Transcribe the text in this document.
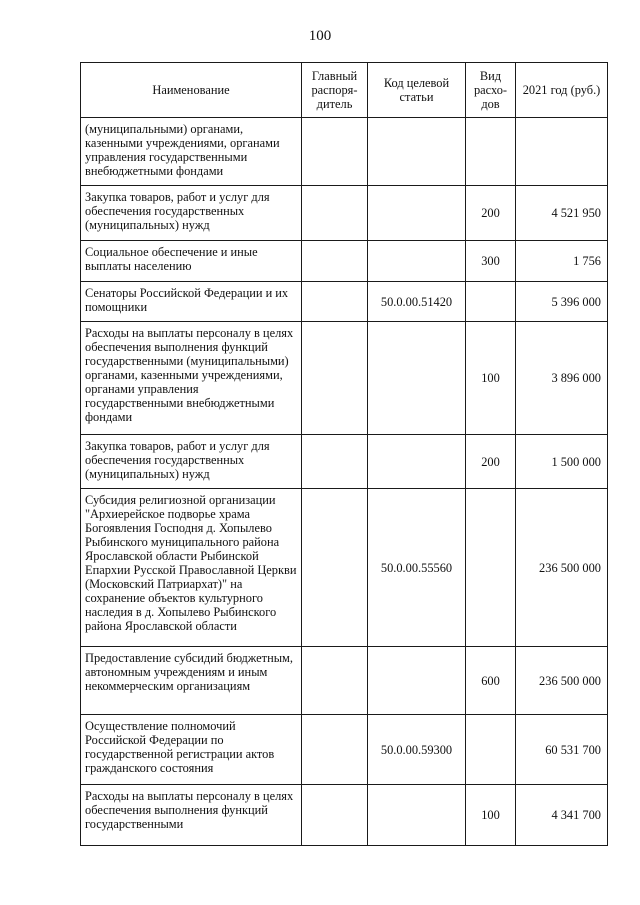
100
Наименование	Главный распоря-дитель	Код целевой статьи	Вид расхо-дов	2021 год (руб.)
(муниципальными) органами, казенными учреждениями, органами управления государственными внебюджетными фондами				
Закупка товаров, работ и услуг для обеспечения государственных (муниципальных) нужд			200	4 521 950
Социальное обеспечение и иные выплаты населению			300	1 756
Сенаторы Российской Федерации и их помощники		50.0.00.51420		5 396 000
Расходы на выплаты персоналу в целях обеспечения выполнения функций государственными (муниципальными) органами, казенными учреждениями, органами управления государственными внебюджетными фондами			100	3 896 000
Закупка товаров, работ и услуг для обеспечения государственных (муниципальных) нужд			200	1 500 000
Субсидия религиозной организации "Архиерейское подворье храма Богоявления Господня д. Хопылево Рыбинского муниципального района Ярославской области Рыбинской Епархии Русской Православной Церкви (Московский Патриархат)" на сохранение объектов культурного наследия в д. Хопылево Рыбинского района Ярославской области		50.0.00.55560		236 500 000
Предоставление субсидий бюджетным, автономным учреждениям и иным некоммерческим организациям			600	236 500 000
Осуществление полномочий Российской Федерации по государственной регистрации актов гражданского состояния		50.0.00.59300		60 531 700
Расходы на выплаты персоналу в целях обеспечения выполнения функций государственными			100	4 341 700
